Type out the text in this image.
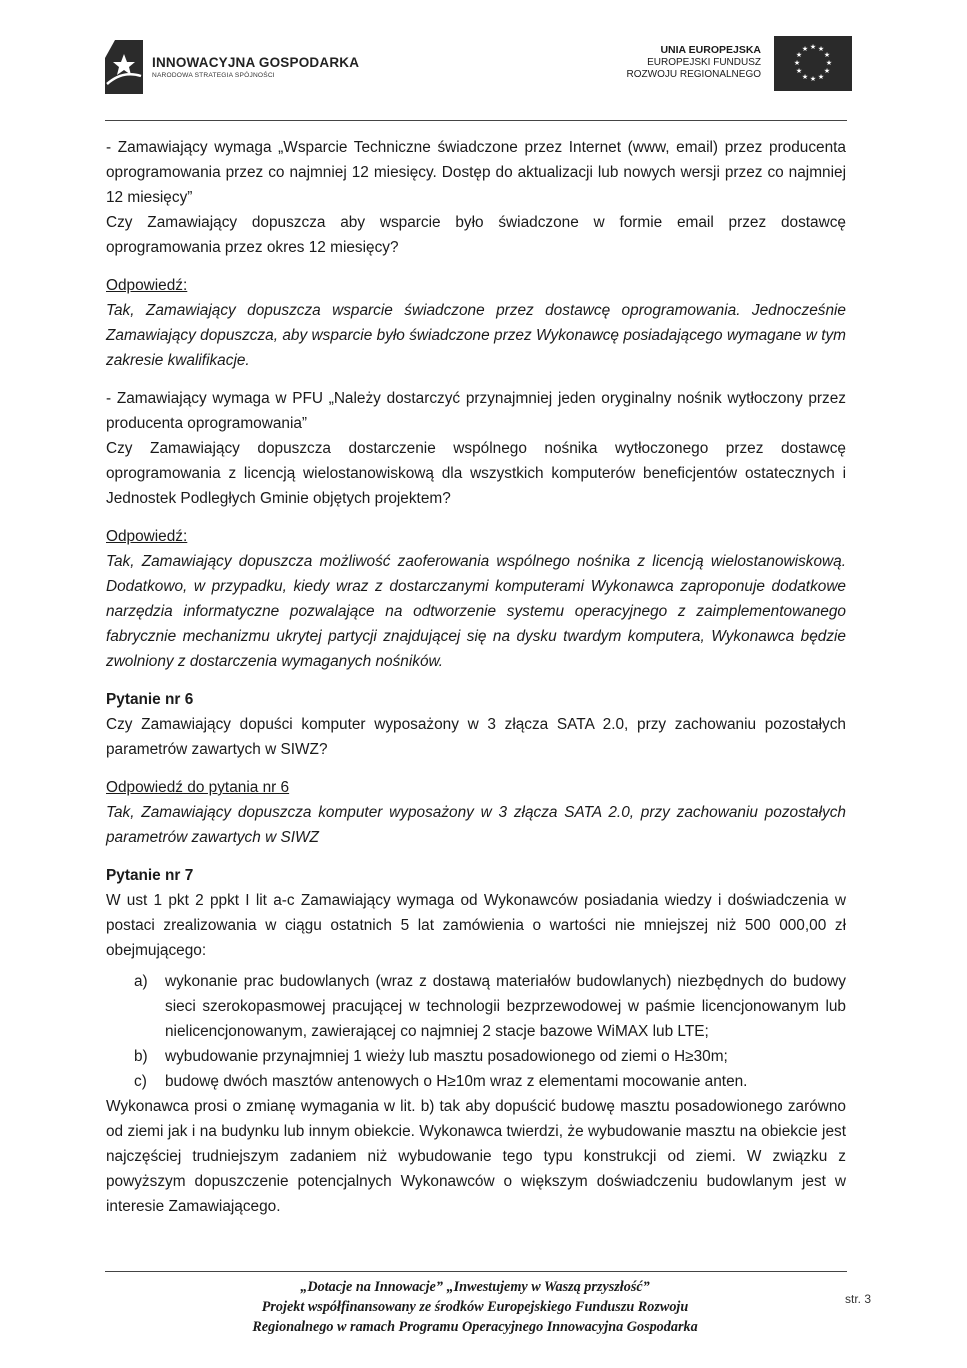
INNOWACYJNA GOSPODARKA
NARODOWA STRATEGIA SPÓJNOŚCI
UNIA EUROPEJSKA
EUROPEJSKI FUNDUSZ
ROZWOJU REGIONALNEGO
★ ★
★
★
★
★
★
★
★
★
★
★

- Zamawiający wymaga „Wsparcie Techniczne świadczone przez Internet (www, email) przez producenta oprogramowania przez co najmniej 12 miesięcy. Dostęp do aktualizacji lub nowych wersji przez co najmniej 12 miesięcy”

Czy Zamawiający dopuszcza aby wsparcie było świadczone w formie email przez dostawcę oprogramowania przez okres 12 miesięcy?

Odpowiedź:

Tak, Zamawiający dopuszcza wsparcie świadczone przez dostawcę oprogramowania. Jednocześnie Zamawiający dopuszcza, aby wsparcie było świadczone przez Wykonawcę posiadającego wymagane w tym zakresie kwalifikacje.

- Zamawiający wymaga w PFU „Należy dostarczyć przynajmniej jeden oryginalny nośnik wytłoczony przez producenta oprogramowania”

Czy Zamawiający dopuszcza dostarczenie wspólnego nośnika wytłoczonego przez dostawcę oprogramowania z licencją wielostanowiskową dla wszystkich komputerów beneficjentów ostatecznych i Jednostek Podległych Gminie objętych projektem?

Odpowiedź:

Tak, Zamawiający dopuszcza możliwość zaoferowania wspólnego nośnika z licencją wielostanowiskową. Dodatkowo, w przypadku, kiedy wraz z dostarczanymi komputerami Wykonawca zaproponuje dodatkowe narzędzia informatyczne pozwalające na odtworzenie systemu operacyjnego z zaimplementowanego fabrycznie mechanizmu ukrytej partycji znajdującej się na dysku twardym komputera, Wykonawca będzie zwolniony z dostarczenia wymaganych nośników.

Pytanie nr 6

Czy Zamawiający dopuści komputer wyposażony w 3 złącza SATA 2.0, przy zachowaniu pozostałych parametrów zawartych w SIWZ?

Odpowiedź do pytania nr 6

Tak, Zamawiający dopuszcza komputer wyposażony w 3 złącza SATA 2.0, przy zachowaniu pozostałych parametrów zawartych w SIWZ

Pytanie nr 7

W ust 1 pkt 2 ppkt I lit a-c Zamawiający wymaga od Wykonawców posiadania wiedzy i doświadczenia w postaci zrealizowania w ciągu ostatnich 5 lat zamówienia o wartości nie mniejszej niż 500 000,00 zł obejmującego:

a) wykonanie prac budowlanych (wraz z dostawą materiałów budowlanych) niezbędnych do budowy sieci szerokopasmowej pracującej w technologii bezprzewodowej w paśmie licencjonowanym lub nielicencjonowanym, zawierającej co najmniej 2 stacje bazowe WiMAX lub LTE;
b) wybudowanie przynajmniej 1 wieży lub masztu posadowionego od ziemi o H≥30m;
c) budowę dwóch masztów antenowych o H≥10m wraz z elementami mocowanie anten.

Wykonawca prosi o zmianę wymagania w lit. b) tak aby dopuścić budowę masztu posadowionego zarówno od ziemi jak i na budynku lub innym obiekcie. Wykonawca twierdzi, że wybudowanie masztu na obiekcie jest najczęściej trudniejszym zadaniem niż wybudowanie tego typu konstrukcji od ziemi. W związku z powyższym dopuszczenie potencjalnych Wykonawców o większym doświadczeniu budowlanym jest w interesie Zamawiającego.

„Dotacje na Innowacje” „Inwestujemy w Waszą przyszłość”
Projekt współfinansowany ze środków Europejskiego Funduszu Rozwoju
Regionalnego w ramach Programu Operacyjnego Innowacyjna Gospodarka
str. 3
